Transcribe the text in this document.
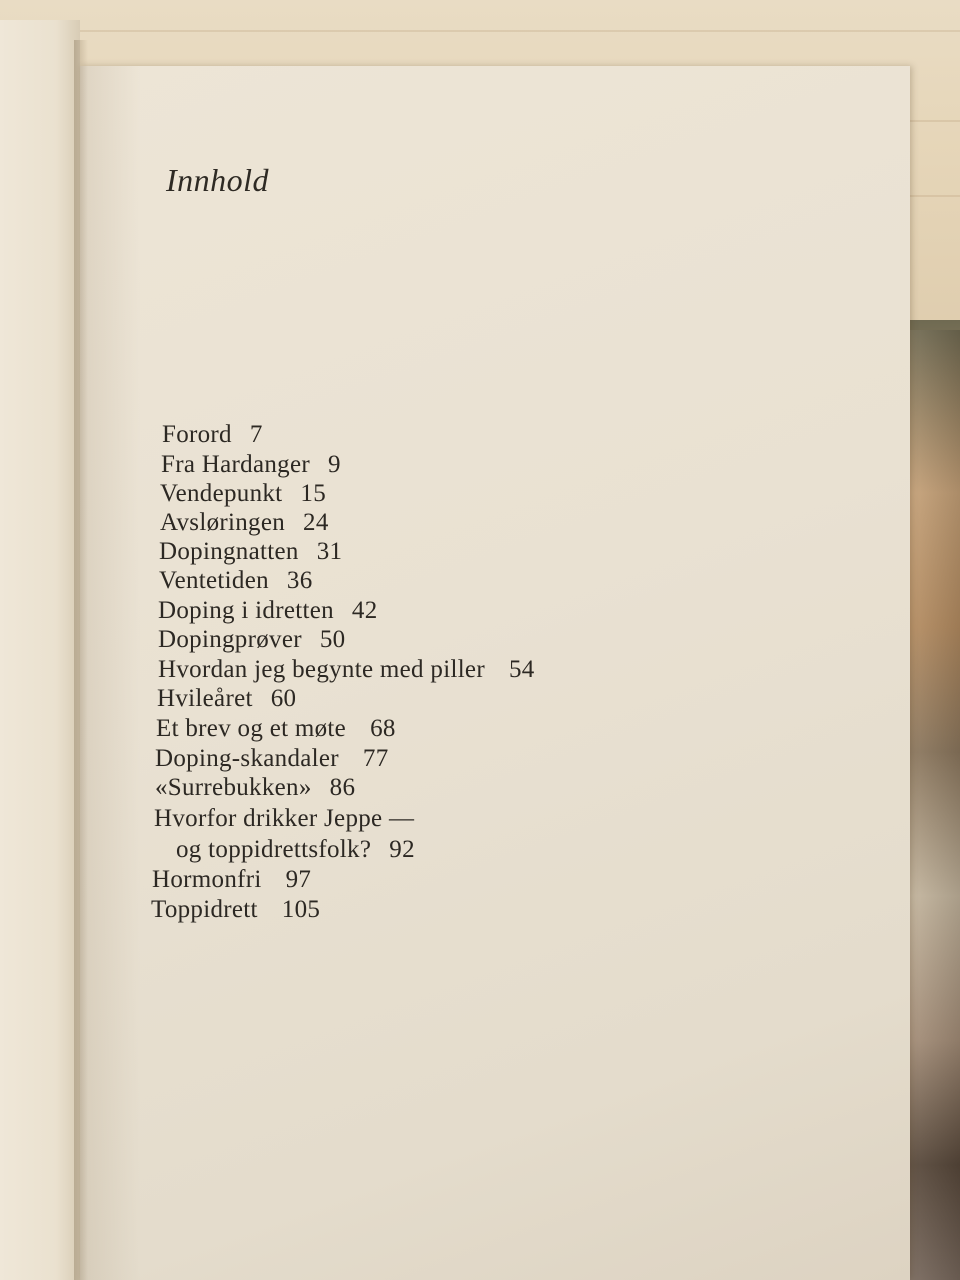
Innhold
Forord 7
Fra Hardanger 9
Vendepunkt 15
Avsløringen 24
Dopingnatten 31
Ventetiden 36
Doping i idretten 42
Dopingprøver 50
Hvordan jeg begynte med piller 54
Hvileåret 60
Et brev og et møte 68
Doping-skandaler 77
«Surrebukken» 86
Hvorfor drikker Jeppe —
og toppidrettsfolk? 92
Hormonfri 97
Toppidrett 105
